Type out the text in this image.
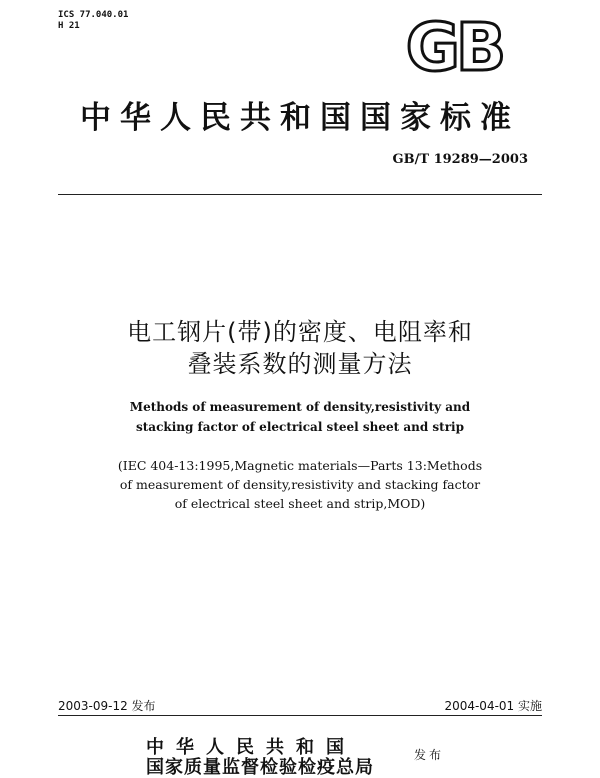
ICS 77.040.01
H 21	GB
中华人民共和国国家标准
GB/T 19289—2003
电工钢片(带)的密度、电阻率和
叠装系数的测量方法
Methods of measurement of density,resistivity and
stacking factor of electrical steel sheet and strip
(IEC 404-13:1995,Magnetic materials—Parts 13:Methods
of measurement of density,resistivity and stacking factor
of electrical steel sheet and strip,MOD)
2003-09-12 发布	2004-04-01 实施
中华人民共和国
国家质量监督检验检疫总局
发布
